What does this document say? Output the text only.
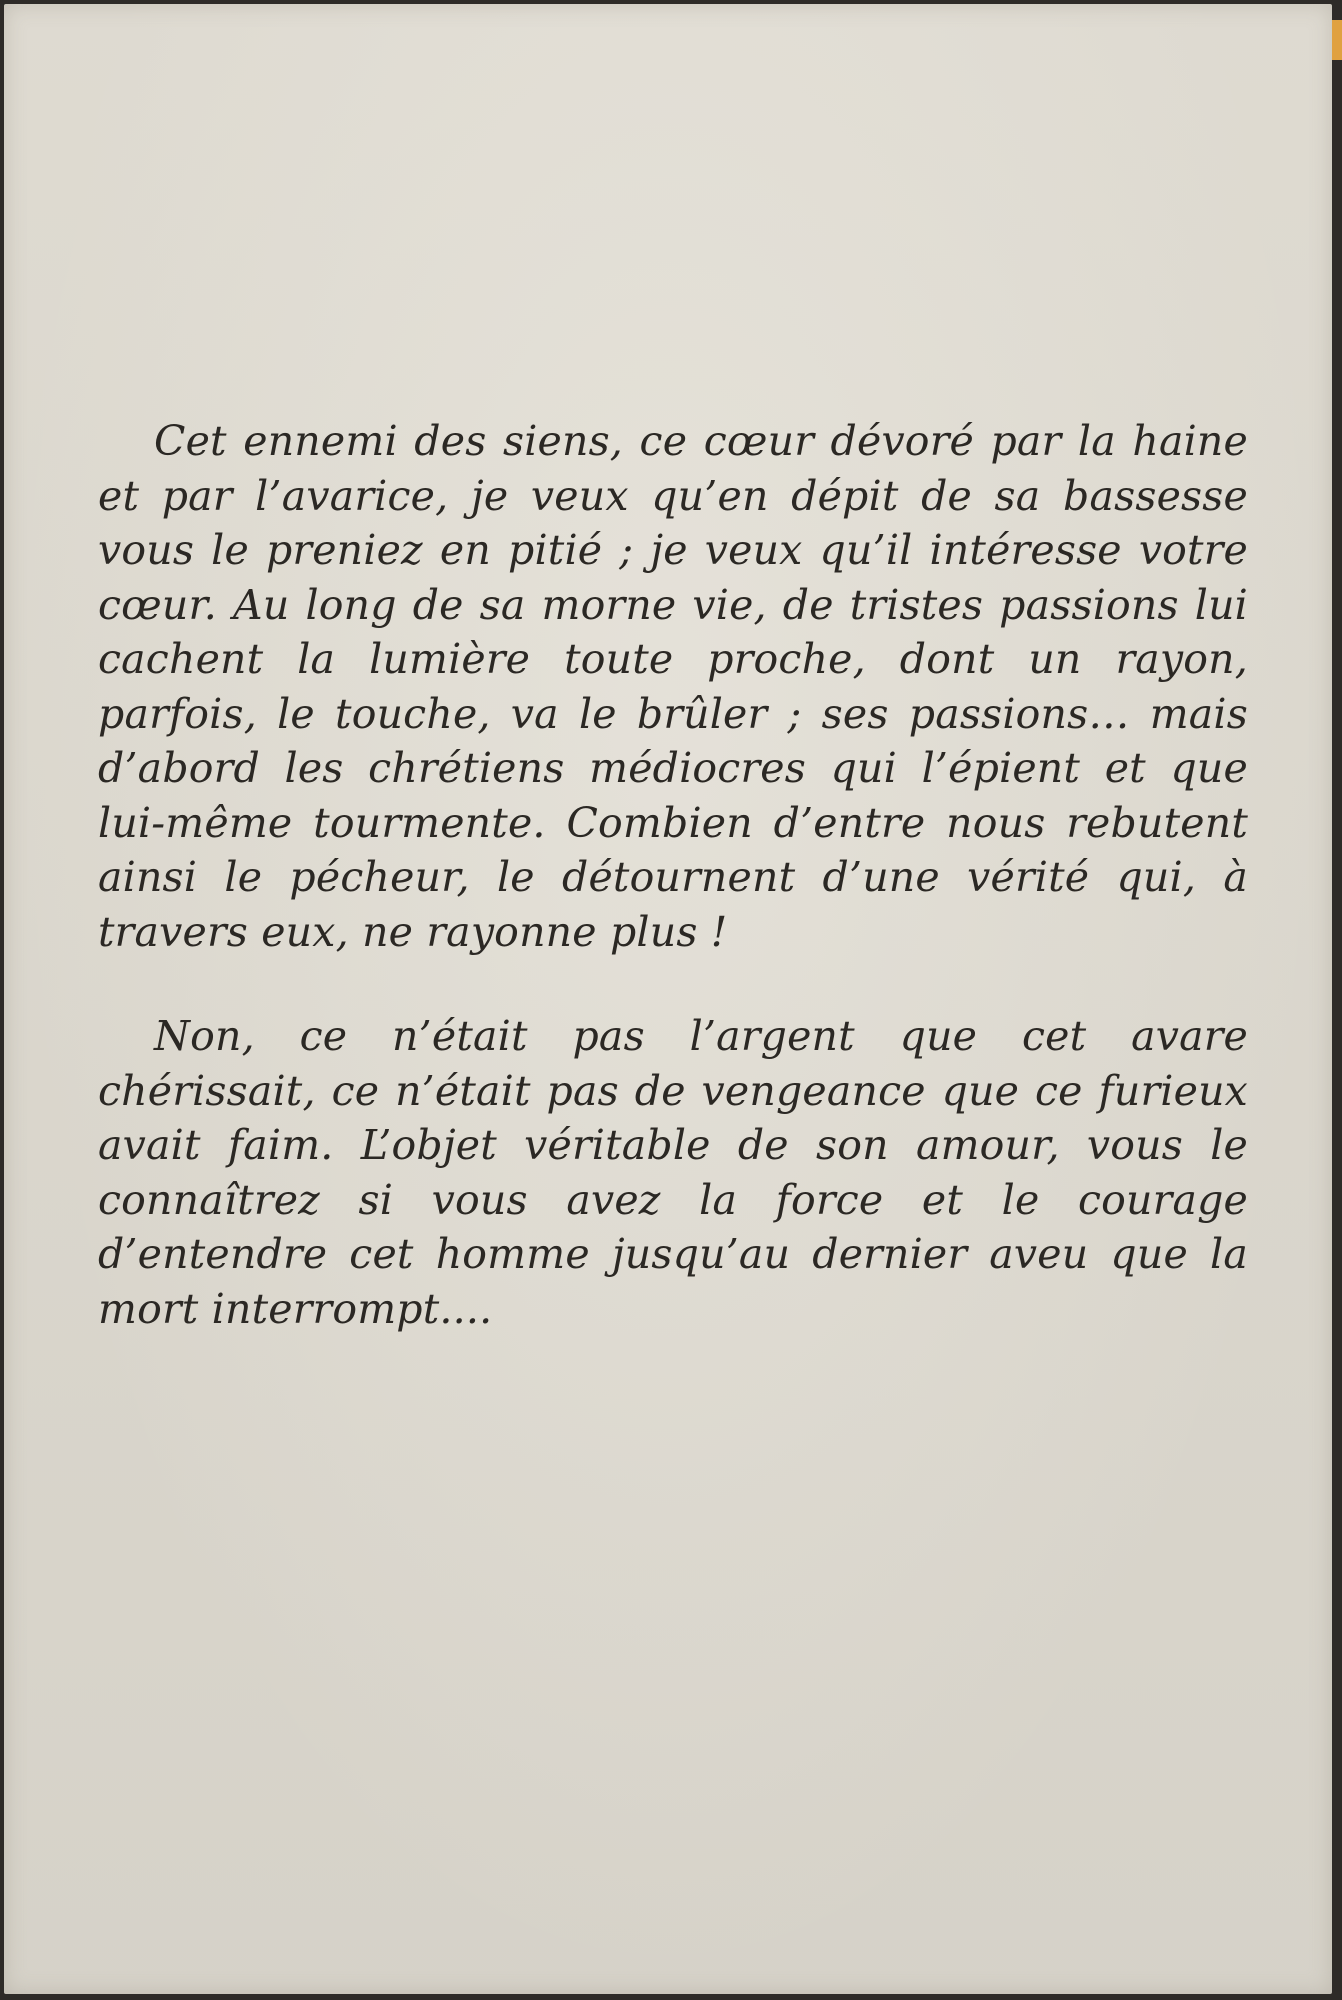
Cet ennemi des siens, ce cœur dévoré par la haine et par l’avarice, je veux qu’en dépit de sa bassesse vous le preniez en pitié ; je veux qu’il intéresse votre cœur. Au long de sa morne vie, de tristes passions lui cachent la lumière toute proche, dont un rayon, parfois, le touche, va le brûler ; ses passions… mais d’abord les chrétiens médiocres qui l’épient et que lui-même tourmente. Combien d’entre nous rebutent ainsi le pécheur, le détournent d’une vérité qui, à travers eux, ne rayonne plus !

Non, ce n’était pas l’argent que cet avare chérissait, ce n’était pas de vengeance que ce furieux avait faim. L’objet véritable de son amour, vous le connaîtrez si vous avez la force et le courage d’entendre cet homme jusqu’au dernier aveu que la mort interrompt....
